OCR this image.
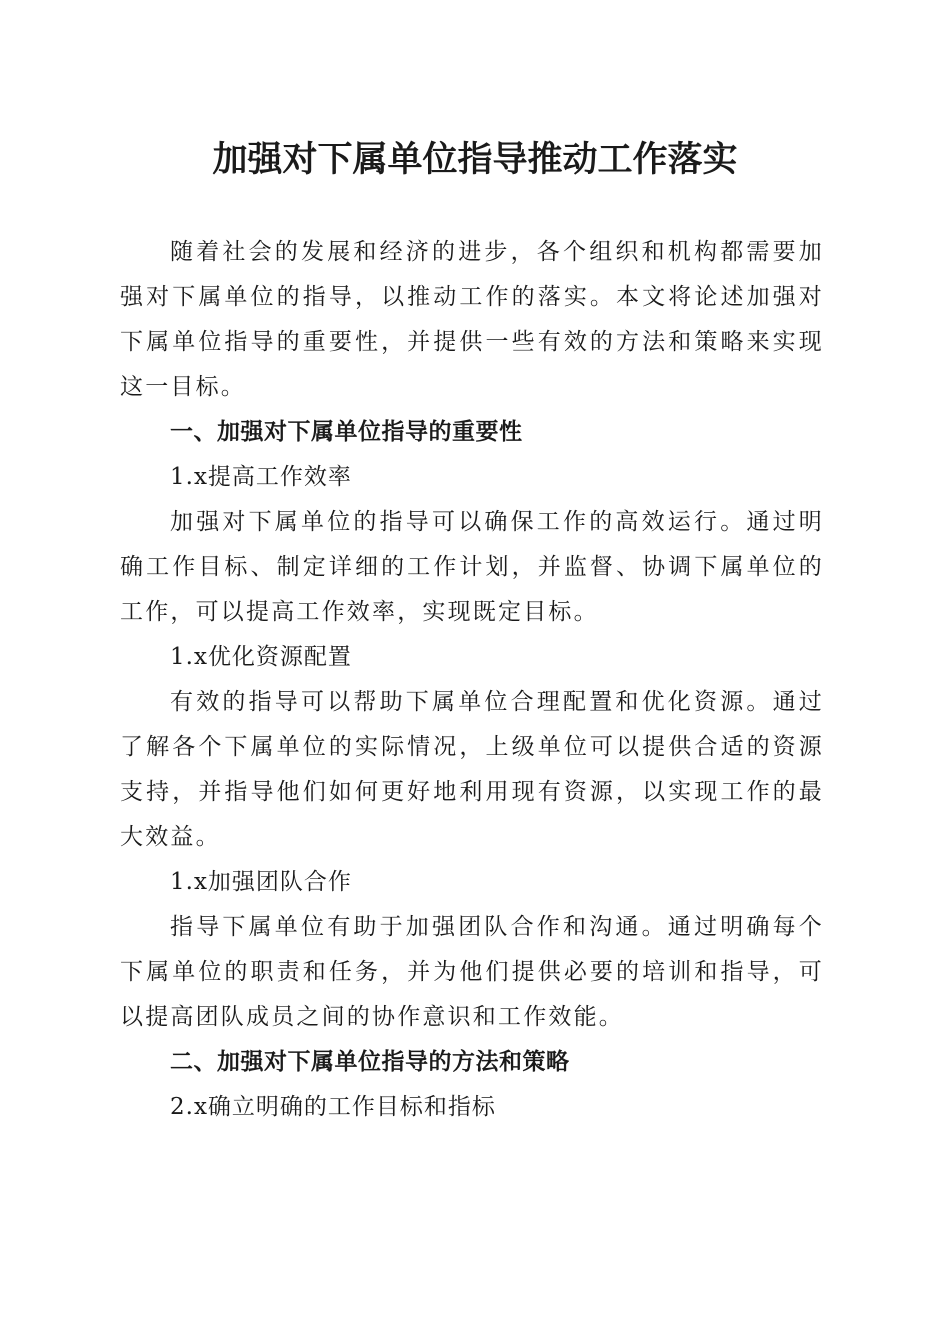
加强对下属单位指导推动工作落实

随着社会的发展和经济的进步，各个组织和机构都需要加强对下属单位的指导，以推动工作的落实。本文将论述加强对下属单位指导的重要性，并提供一些有效的方法和策略来实现这一目标。

一、加强对下属单位指导的重要性

1.x提高工作效率

加强对下属单位的指导可以确保工作的高效运行。通过明确工作目标、制定详细的工作计划，并监督、协调下属单位的工作，可以提高工作效率，实现既定目标。

1.x优化资源配置

有效的指导可以帮助下属单位合理配置和优化资源。通过了解各个下属单位的实际情况，上级单位可以提供合适的资源支持，并指导他们如何更好地利用现有资源，以实现工作的最大效益。

1.x加强团队合作

指导下属单位有助于加强团队合作和沟通。通过明确每个下属单位的职责和任务，并为他们提供必要的培训和指导，可以提高团队成员之间的协作意识和工作效能。

二、加强对下属单位指导的方法和策略

2.x确立明确的工作目标和指标
